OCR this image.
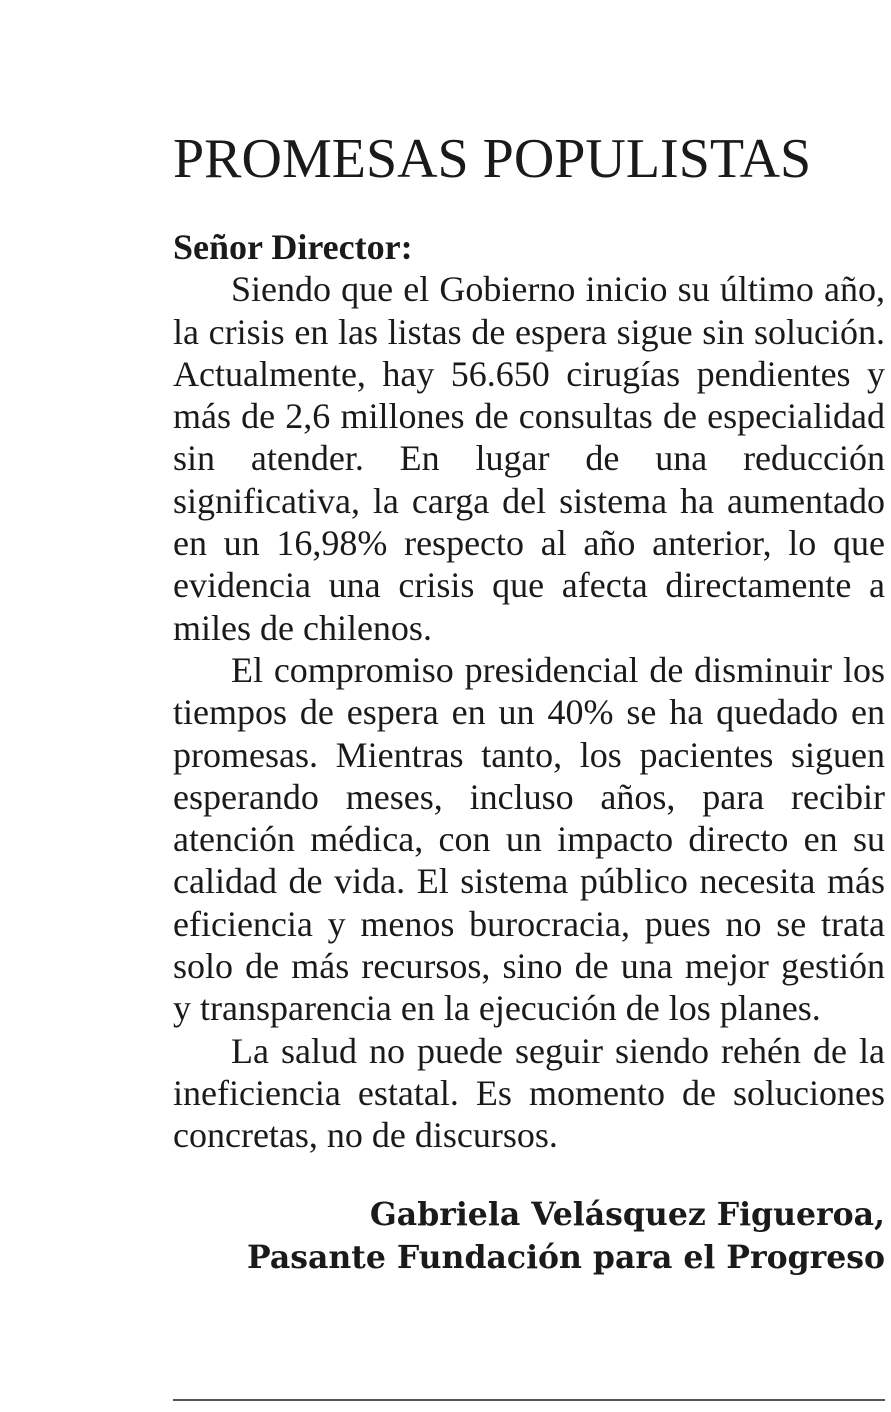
PROMESAS POPULISTAS

Señor Director:

Siendo que el Gobierno inicio su último año, la crisis en las listas de espera sigue sin solución. Actualmente, hay 56.650 cirugías pendientes y más de 2,6 millones de consultas de especialidad sin atender. En lugar de una reducción significativa, la carga del sistema ha aumentado en un 16,98% respecto al año anterior, lo que evidencia una crisis que afecta directamente a miles de chilenos.

El compromiso presidencial de disminuir los tiempos de espera en un 40% se ha quedado en promesas. Mientras tanto, los pacientes siguen esperando meses, incluso años, para recibir atención médica, con un impacto directo en su calidad de vida. El sistema público necesita más eficiencia y menos burocracia, pues no se trata solo de más recursos, sino de una mejor gestión y transparencia en la ejecución de los planes.

La salud no puede seguir siendo rehén de la ineficiencia estatal. Es momento de soluciones concretas, no de discursos.

Gabriela Velásquez Figueroa,
Pasante Fundación para el Progreso
